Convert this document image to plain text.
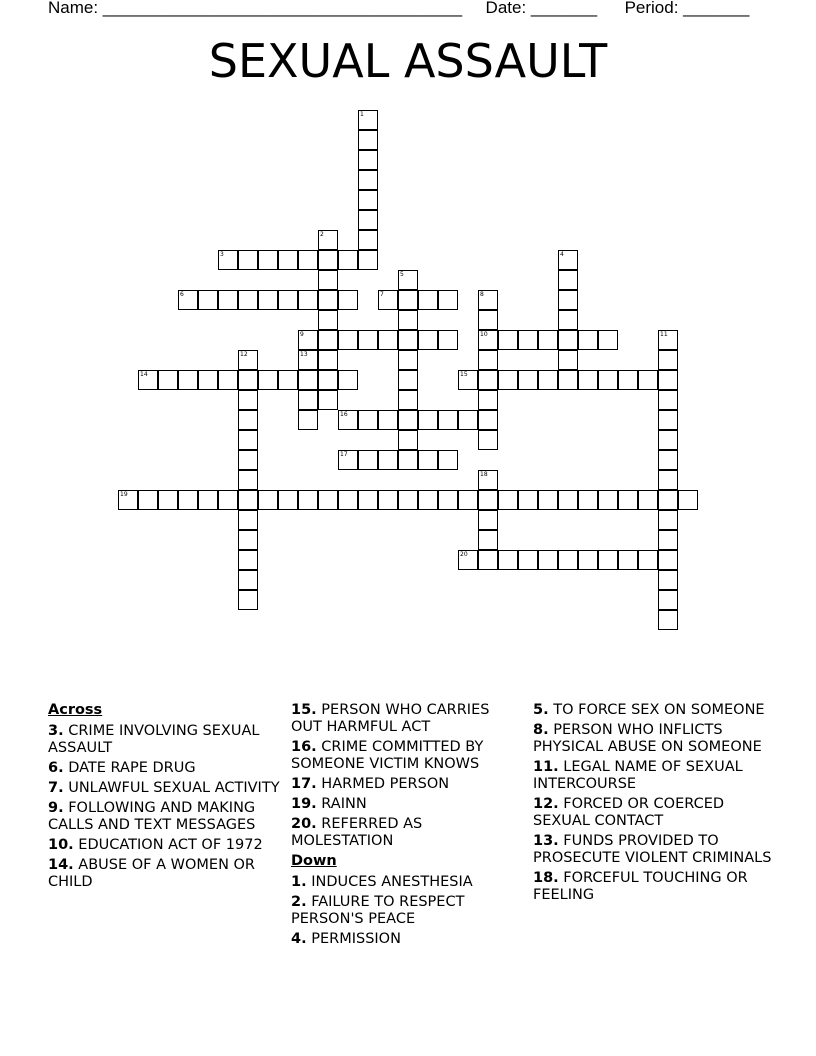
Name: ______________________________________ Date: _______ Period: _______
SEXUAL ASSAULT
1
2
3	4
5
6	7	8
10
9	11
12	13
14	15
16
17
18
19
20
Across
3. CRIME INVOLVING SEXUAL ASSAULT
6. DATE RAPE DRUG
7. UNLAWFUL SEXUAL ACTIVITY
9. FOLLOWING AND MAKING CALLS AND TEXT MESSAGES
10. EDUCATION ACT OF 1972
14. ABUSE OF A WOMEN OR CHILD
15. PERSON WHO CARRIES OUT HARMFUL ACT
16. CRIME COMMITTED BY SOMEONE VICTIM KNOWS
17. HARMED PERSON
19. RAINN
20. REFERRED AS MOLESTATION
Down
1. INDUCES ANESTHESIA
2. FAILURE TO RESPECT PERSON'S PEACE
4. PERMISSION
5. TO FORCE SEX ON SOMEONE
8. PERSON WHO INFLICTS PHYSICAL ABUSE ON SOMEONE
11. LEGAL NAME OF SEXUAL INTERCOURSE
12. FORCED OR COERCED SEXUAL CONTACT
13. FUNDS PROVIDED TO PROSECUTE VIOLENT CRIMINALS
18. FORCEFUL TOUCHING OR FEELING
